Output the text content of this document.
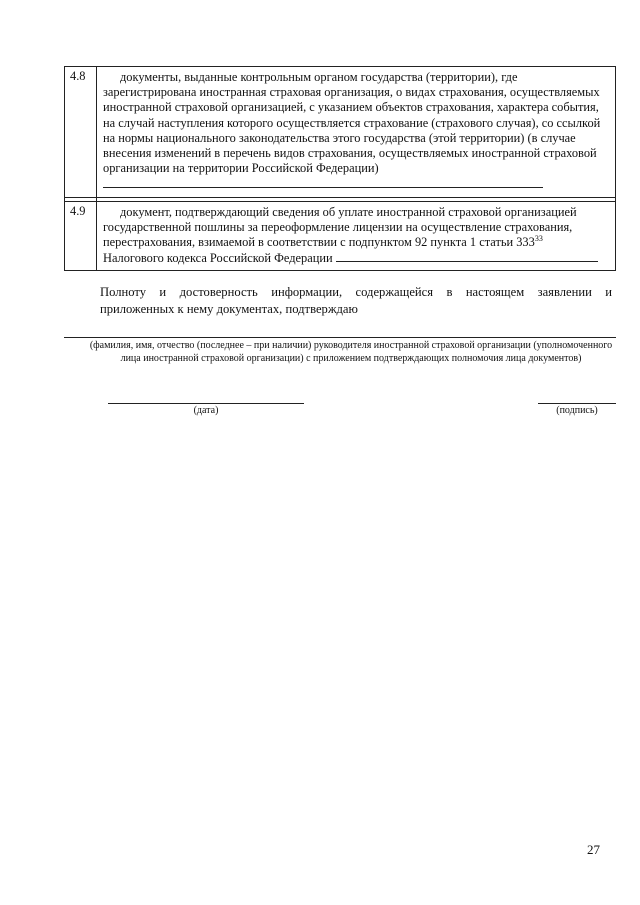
4.8	документы, выданные контрольным органом государства (территории), где зарегистрирована иностранная страховая организация, о видах страхования, осуществляемых иностранной страховой организацией, с указанием объектов страхования, характера события, на случай наступления которого осуществляется страхование (страхового случая), со ссылкой на нормы национального законодательства этого государства (этой территории) (в случае внесения изменений в перечень видов страхования, осуществляемых иностранной страховой организации на территории Российской Федерации)

4.9	документ, подтверждающий сведения об уплате иностранной страховой организацией государственной пошлины за переоформление лицензии на осуществление страхования, перестрахования, взимаемой в соответствии с подпунктом 92 пункта 1 статьи $333^{33}$
Налогового кодекса Российской Федерации
Полноту и достоверность информации, содержащейся в настоящем заявлении и
приложенных к нему документах, подтверждаю
(фамилия, имя, отчество (последнее – при наличии) руководителя иностранной страховой организации (уполномоченного лица иностранной страховой организации) с приложением подтверждающих полномочия лица документов)
(дата)	(подпись)
27
